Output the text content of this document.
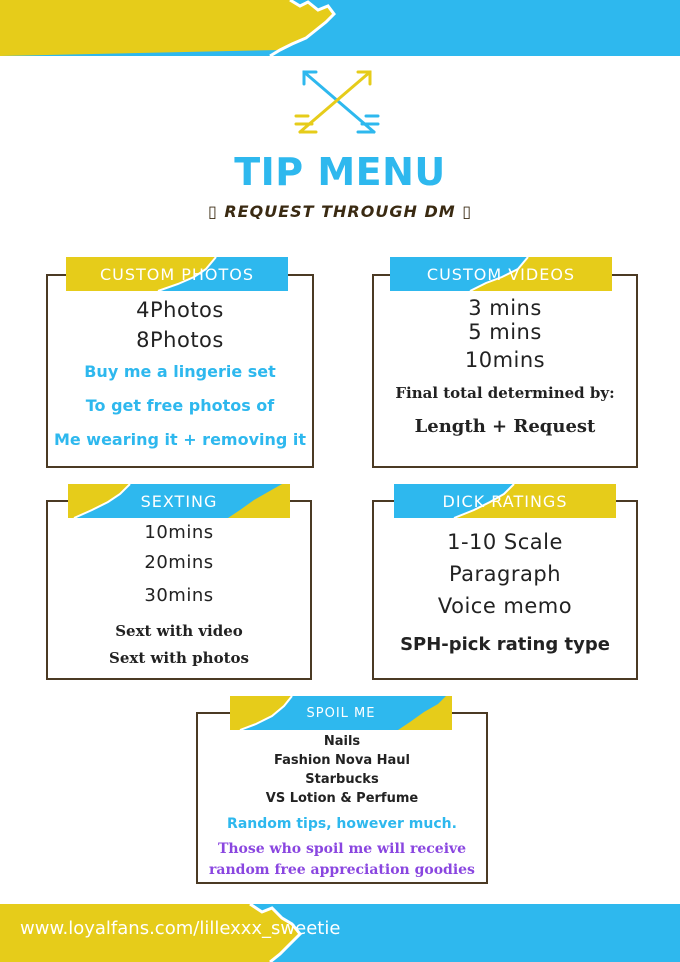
TIP MENU
▯ REQUEST THROUGH DM ▯
4Photos
8Photos
Buy me a lingerie set
To get free photos of
Me wearing it + removing it
CUSTOM PHOTOS
3 mins
5 mins
10mins
Final total determined by:
Length + Request
CUSTOM VIDEOS
10mins
20mins
30mins
Sext with video
Sext with photos
SEXTING
1-10 Scale
Paragraph
Voice memo
SPH-pick rating type
DICK RATINGS
Nails
Fashion Nova Haul
Starbucks
VS Lotion & Perfume
Random tips, however much.
Those who spoil me will receive
random free appreciation goodies
SPOIL ME
www.loyalfans.com/lillexxx_sweetie
